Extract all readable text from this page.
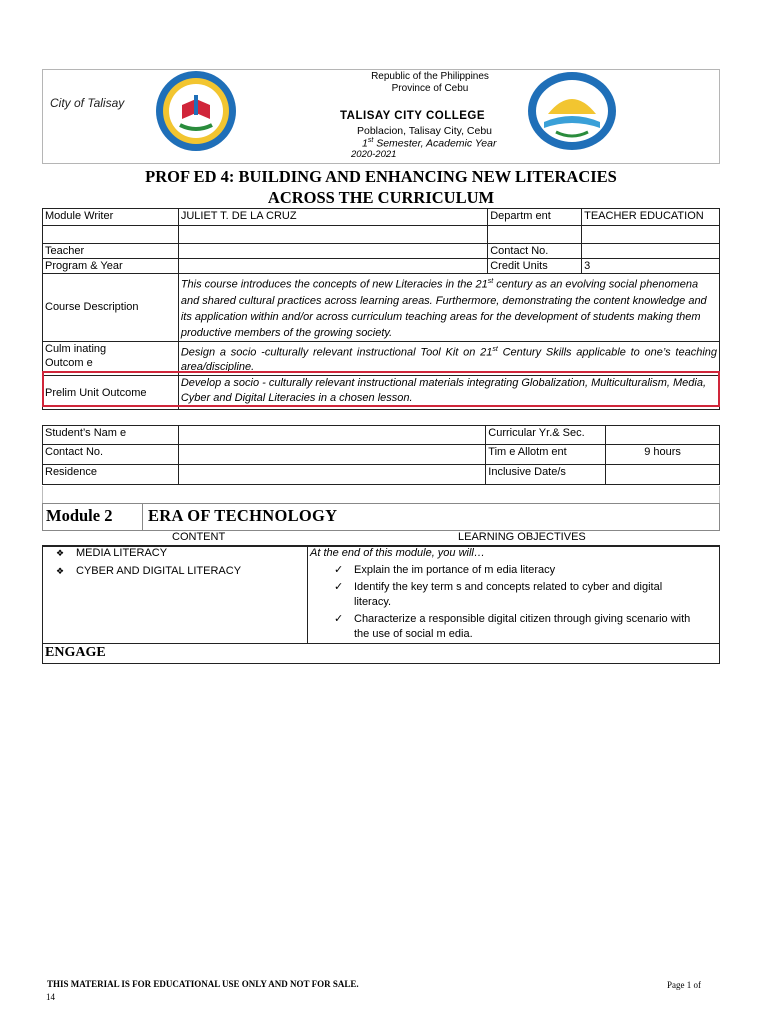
City of Talisay
Republic of the Philippines
Province of Cebu
TALISAY CITY COLLEGE
Poblacion, Talisay City, Cebu
1st Semester, Academic Year
2020-2021
PROF ED 4: BUILDING AND ENHANCING NEW LITERACIES
ACROSS THE CURRICULUM
Module Writer	JULIET T. DE LA CRUZ	Departm ent	TEACHER EDUCATION

Teacher		Contact No.	
Program & Year		Credit Units	3
Course Description	This course introduces the concepts of new Literacies in the 21st century as an evolving social phenomena and shared cultural practices across learning areas. Furthermore, demonstrating the content knowledge and its application within and/or across curriculum teaching areas for the development of students making them productive members of the growing society.		
Culm inating
Outcom e	Design a socio -culturally relevant instructional Tool Kit on 21st Century Skills applicable to one’s teaching area/discipline.		
Prelim Unit Outcome	Develop a socio - culturally relevant instructional materials integrating Globalization, Multiculturalism, Media, Cyber and Digital Literacies in a chosen lesson.		
Student’s Nam e		Curricular Yr.& Sec.	
Contact No.		Tim e Allotm ent	9 hours
Residence		Inclusive Date/s	
Module 2 ERA OF TECHNOLOGY
CONTENT	LEARNING OBJECTIVES
❖ MEDIA LITERACY
❖ CYBER AND DIGITAL LITERACY
At the end of this module, you will…
✓ Explain the im portance of m edia literacy
✓ Identify the key term s and concepts related to cyber and digital literacy.
✓ Characterize a responsible digital citizen through giving scenario with the use of social m edia.
ENGAGE
THIS MATERIAL IS FOR EDUCATIONAL USE ONLY AND NOT FOR SALE.	Page 1 of
14
